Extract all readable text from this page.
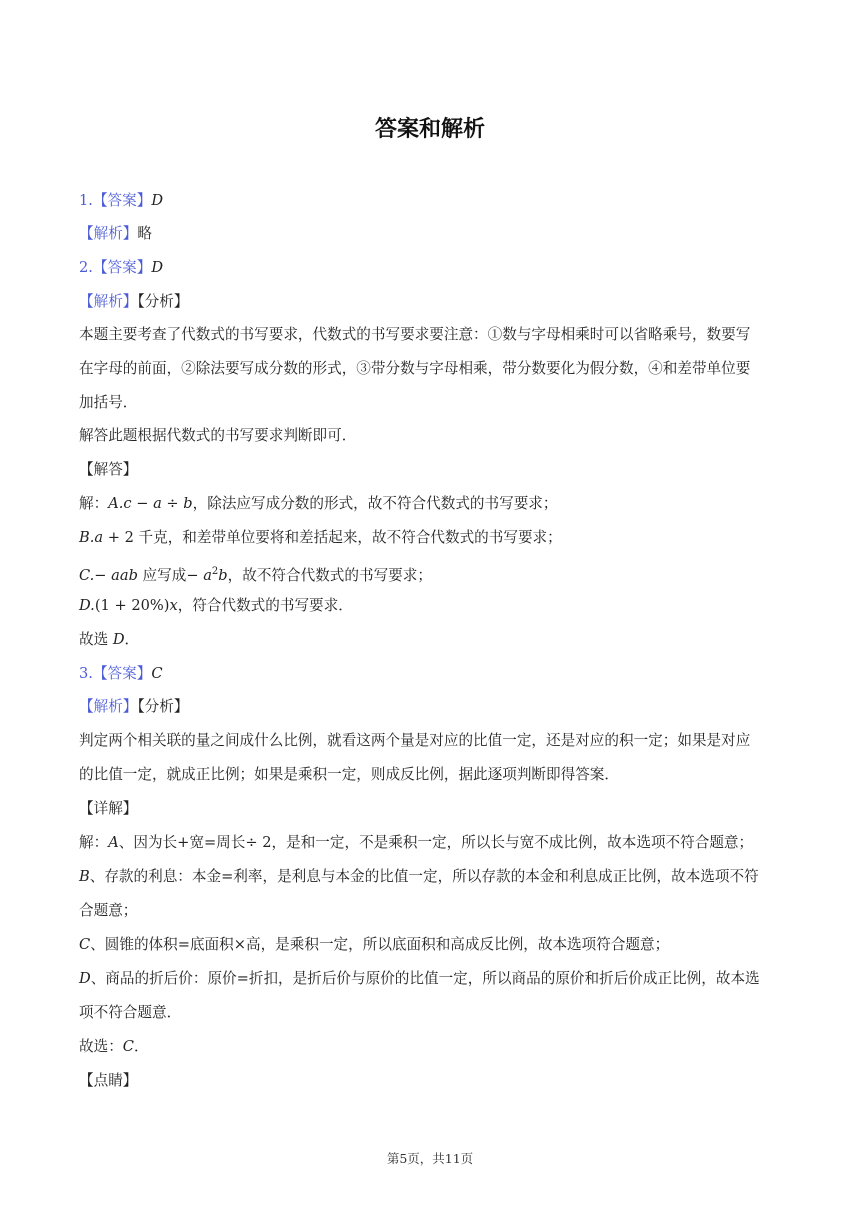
答案和解析
1.【答案】D
【解析】略
2.【答案】D
【解析】【分析】
本题主要考查了代数式的书写要求，代数式的书写要求要注意：①数与字母相乘时可以省略乘号，数要写
在字母的前面，②除法要写成分数的形式，③带分数与字母相乘，带分数要化为假分数，④和差带单位要
加括号．
解答此题根据代数式的书写要求判断即可．
【解答】
解：A.c − a ÷ b，除法应写成分数的形式，故不符合代数式的书写要求；
B.a + 2 千克，和差带单位要将和差括起来，故不符合代数式的书写要求；
C.− aab 应写成− $a^2b$，故不符合代数式的书写要求；
D.(1 + 20%)x，符合代数式的书写要求．
故选 D．
3.【答案】C
【解析】【分析】
判定两个相关联的量之间成什么比例，就看这两个量是对应的比值一定，还是对应的积一定；如果是对应
的比值一定，就成正比例；如果是乘积一定，则成反比例，据此逐项判断即得答案．
【详解】
解：A、因为长+宽=周长÷ 2，是和一定，不是乘积一定，所以长与宽不成比例，故本选项不符合题意；
B、存款的利息：本金=利率，是利息与本金的比值一定，所以存款的本金和利息成正比例，故本选项不符
合题意；
C、圆锥的体积=底面积×高，是乘积一定，所以底面积和高成反比例，故本选项符合题意；
D、商品的折后价：原价=折扣，是折后价与原价的比值一定，所以商品的原价和折后价成正比例，故本选
项不符合题意．
故选：C．
【点睛】
第5页，共11页
